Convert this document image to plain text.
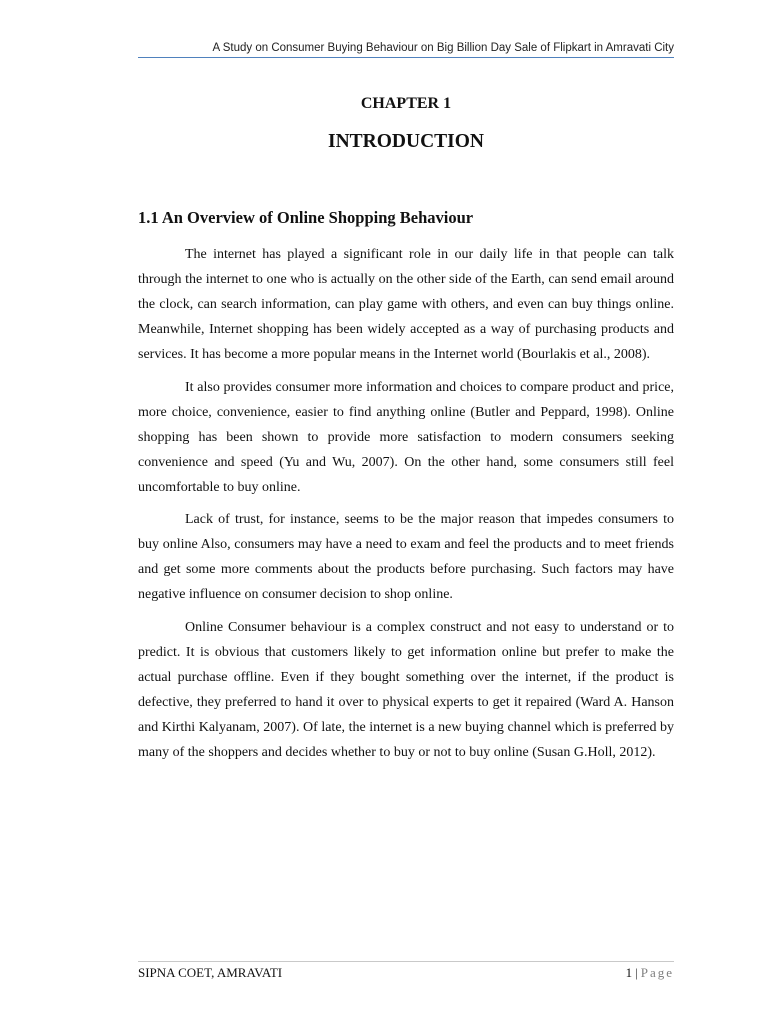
A Study on Consumer Buying Behaviour on Big Billion Day Sale of Flipkart in Amravati City
CHAPTER 1
INTRODUCTION
1.1 An Overview of Online Shopping Behaviour

The internet has played a significant role in our daily life in that people can talk through the internet to one who is actually on the other side of the Earth, can send email around the clock, can search information, can play game with others, and even can buy things online. Meanwhile, Internet shopping has been widely accepted as a way of purchasing products and services. It has become a more popular means in the Internet world (Bourlakis et al., 2008).

It also provides consumer more information and choices to compare product and price, more choice, convenience, easier to find anything online (Butler and Peppard, 1998). Online shopping has been shown to provide more satisfaction to modern consumers seeking convenience and speed (Yu and Wu, 2007). On the other hand, some consumers still feel uncomfortable to buy online.

Lack of trust, for instance, seems to be the major reason that impedes consumers to buy online Also, consumers may have a need to exam and feel the products and to meet friends and get some more comments about the products before purchasing. Such factors may have negative influence on consumer decision to shop online.

Online Consumer behaviour is a complex construct and not easy to understand or to predict. It is obvious that customers likely to get information online but prefer to make the actual purchase offline. Even if they bought something over the internet, if the product is defective, they preferred to hand it over to physical experts to get it repaired (Ward A. Hanson and Kirthi Kalyanam, 2007). Of late, the internet is a new buying channel which is preferred by many of the shoppers and decides whether to buy or not to buy online (Susan G.Holl, 2012).

SIPNA COET, AMRAVATI	1 | Page
